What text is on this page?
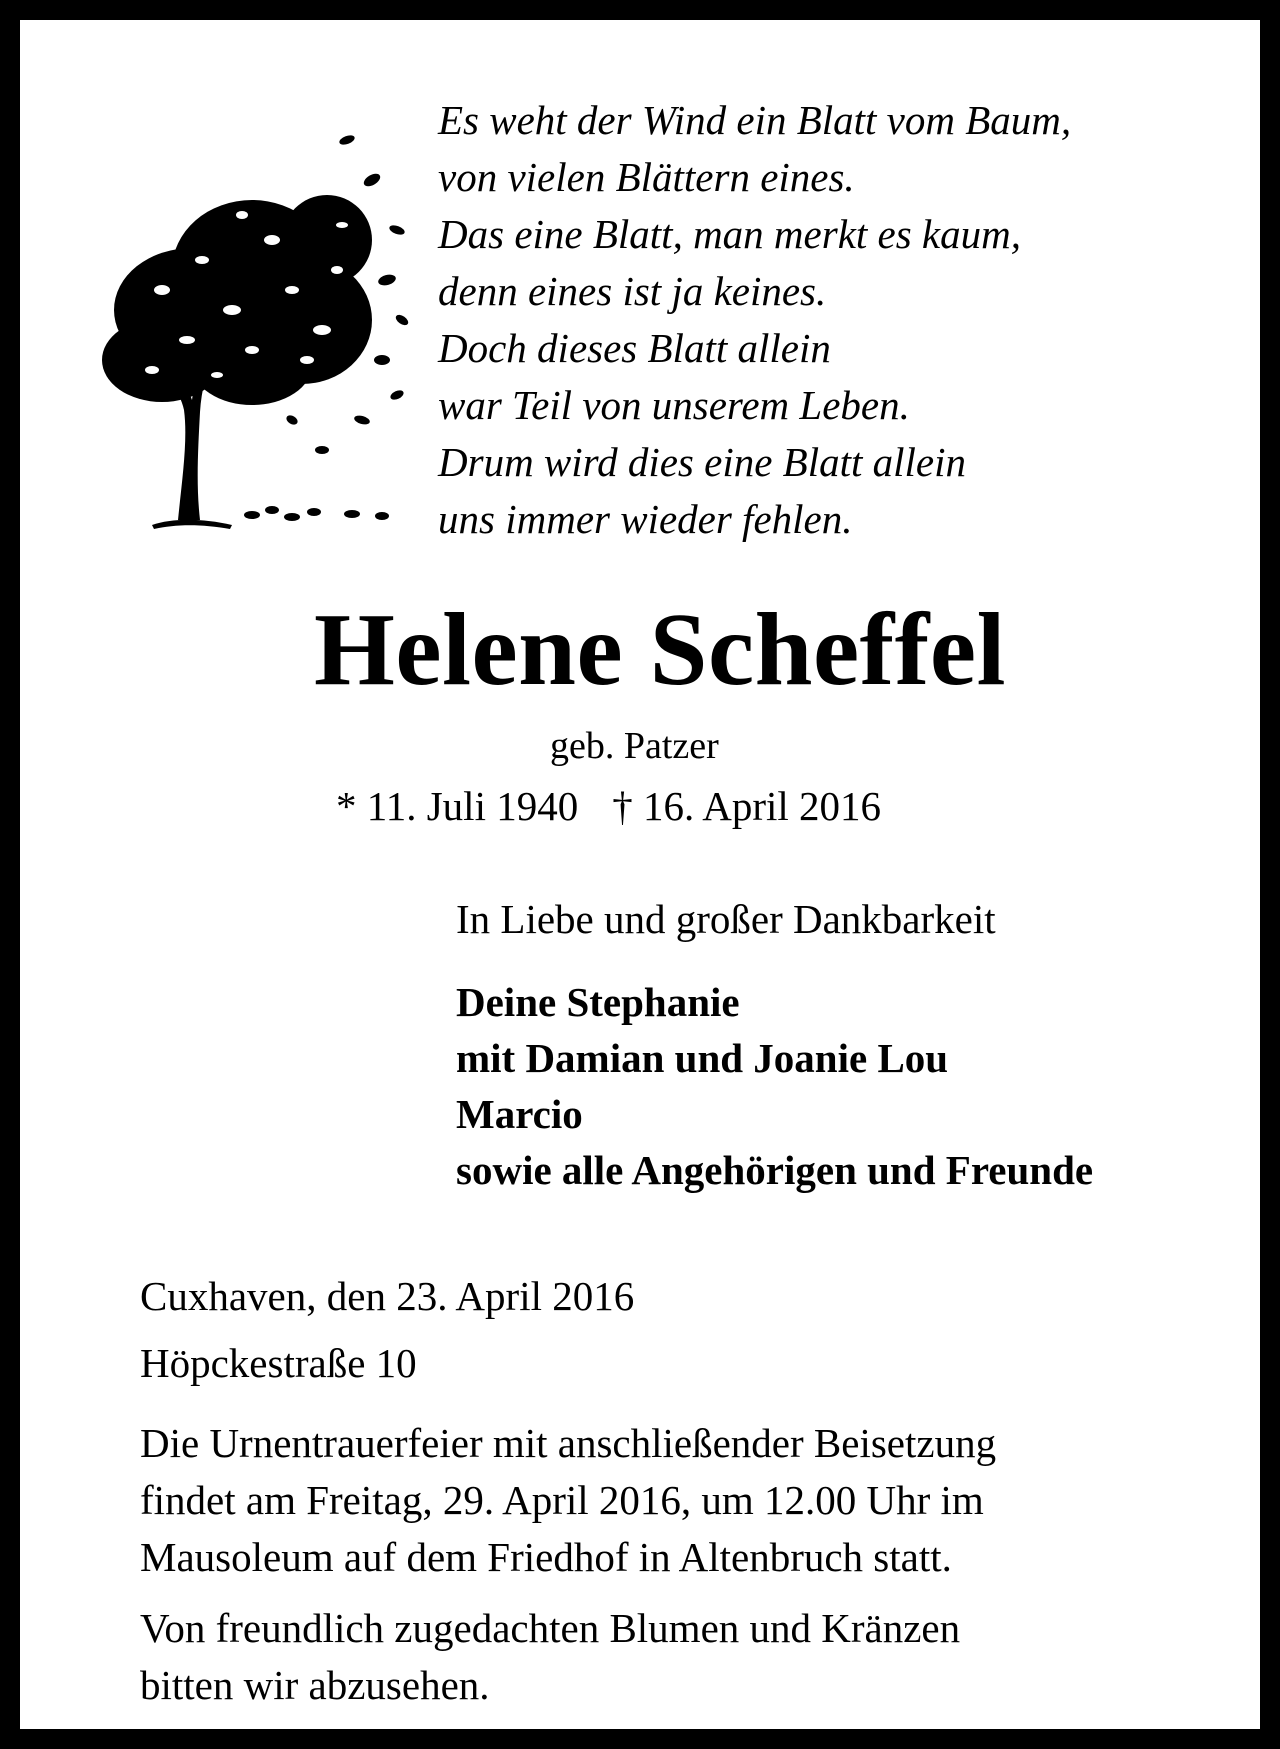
Es weht der Wind ein Blatt vom Baum,
von vielen Blättern eines.
Das eine Blatt, man merkt es kaum,
denn eines ist ja keines.
Doch dieses Blatt allein
war Teil von unserem Leben.
Drum wird dies eine Blatt allein
uns immer wieder fehlen.
Helene Scheffel
geb. Patzer
* 11. Juli 1940 † 16. April 2016
In Liebe und großer Dankbarkeit
Deine Stephanie
mit Damian und Joanie Lou
Marcio
sowie alle Angehörigen und Freunde
Cuxhaven, den 23. April 2016
Höpckestraße 10
Die Urnentrauerfeier mit anschließender Beisetzung
findet am Freitag, 29. April 2016, um 12.00 Uhr im
Mausoleum auf dem Friedhof in Altenbruch statt.
Von freundlich zugedachten Blumen und Kränzen
bitten wir abzusehen.
